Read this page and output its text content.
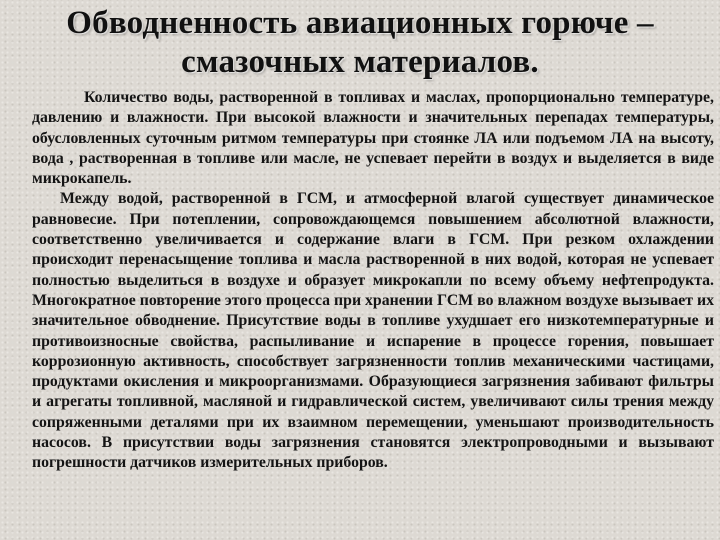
Обводненность авиационных горюче –
смазочных материалов.

Количество воды, растворенной в топливах и маслах, пропорционально температуре, давлению и влажности. При высокой влажности и значительных перепадах температуры, обусловленных суточным ритмом температуры при стоянке ЛА или подъемом ЛА на высоту, вода , растворенная в топливе или масле, не успевает перейти в воздух и выделяется в виде микрокапель.

Между водой, растворенной в ГСМ, и атмосферной влагой существует динамическое равновесие. При потеплении, сопровождающемся повышением абсолютной влажности, соответственно увеличивается и содержание влаги в ГСМ. При резком охлаждении происходит перенасыщение топлива и масла растворенной в них водой, которая не успевает полностью выделиться в воздухе и образует микрокапли по всему объему нефтепродукта. Многократное повторение этого процесса при хранении ГСМ во влажном воздухе вызывает их значительное обводнение. Присутствие воды в топливе ухудшает его низкотемпературные и противоизносные свойства, распыливание и испарение в процессе горения, повышает коррозионную активность, способствует загрязненности топлив механическими частицами, продуктами окисления и микроорганизмами. Образующиеся загрязнения забивают фильтры и агрегаты топливной, масляной и гидравлической систем, увеличивают силы трения между сопряженными деталями при их взаимном перемещении, уменьшают производительность насосов. В присутствии воды загрязнения становятся электропроводными и вызывают погрешности датчиков измерительных приборов.
